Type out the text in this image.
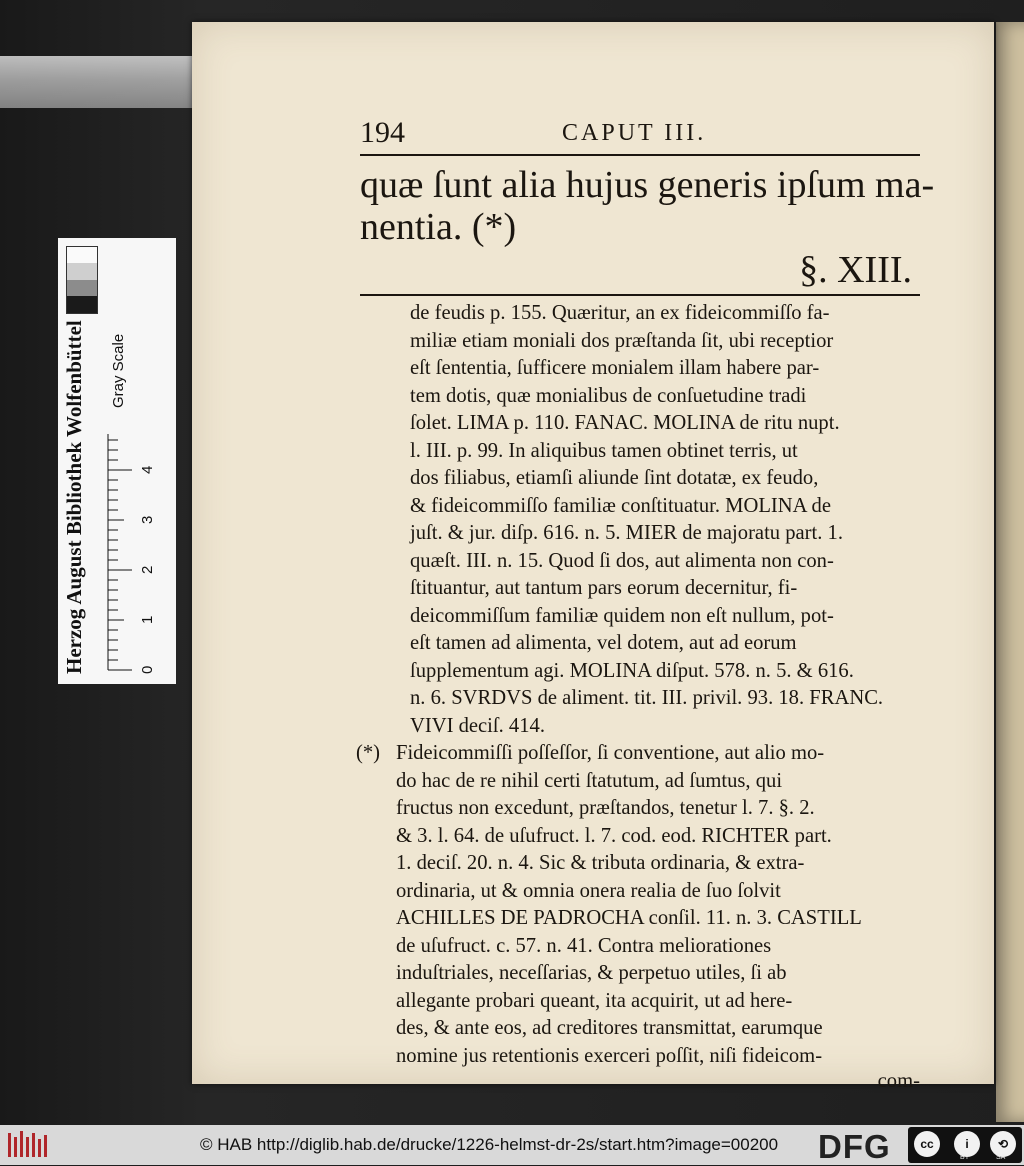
Herzog August Bibliothek Wolfenbüttel	0
1
2
3
4
Gray Scale
194	CAPUT III.

quæ ſunt alia hujus generis ipſum ma-

nentia. (*)

§. XIII.
de feudis p. 155. Quæritur, an ex fideicommiſſo fa-
miliæ etiam moniali dos præſtanda ſit, ubi receptior
eſt ſententia, ſufficere monialem illam habere par-
tem dotis, quæ monialibus de conſuetudine tradi
ſolet. LIMA p. 110. FANAC. MOLINA de ritu nupt.
l. III. p. 99. In aliquibus tamen obtinet terris, ut
dos filiabus, etiamſi aliunde ſint dotatæ, ex feudo,
& fideicommiſſo familiæ conſtituatur. MOLINA de
juſt. & jur. diſp. 616. n. 5. MIER de majoratu part. 1.
quæſt. III. n. 15. Quod ſi dos, aut alimenta non con-
ſtituantur, aut tantum pars eorum decernitur, fi-
deicommiſſum familiæ quidem non eſt nullum, pot-
eſt tamen ad alimenta, vel dotem, aut ad eorum
ſupplementum agi. MOLINA diſput. 578. n. 5. & 616.
n. 6. SVRDVS de aliment. tit. III. privil. 93. 18. FRANC.
VIVI deciſ. 414.
(*) Fideicommiſſi poſſeſſor, ſi conventione, aut alio mo-
do hac de re nihil certi ſtatutum, ad ſumtus, qui
fructus non excedunt, præſtandos, tenetur l. 7. §. 2.
& 3. l. 64. de uſufruct. l. 7. cod. eod. RICHTER part.
1. deciſ. 20. n. 4. Sic & tributa ordinaria, & extra-
ordinaria, ut & omnia onera realia de ſuo ſolvit
ACHILLES DE PADROCHA conſil. 11. n. 3. CASTILL
de uſufruct. c. 57. n. 41. Contra meliorationes
induſtriales, neceſſarias, & perpetuo utiles, ſi ab
allegante probari queant, ita acquirit, ut ad here-
des, & ante eos, ad creditores transmittat, earumque
nomine jus retentionis exerceri poſſit, niſi fideicom-
com-
© HAB http://diglib.hab.de/drucke/1226-helmst-dr-2s/start.htm?image=00200 DFG	cc	i	⟲
BY	SA
